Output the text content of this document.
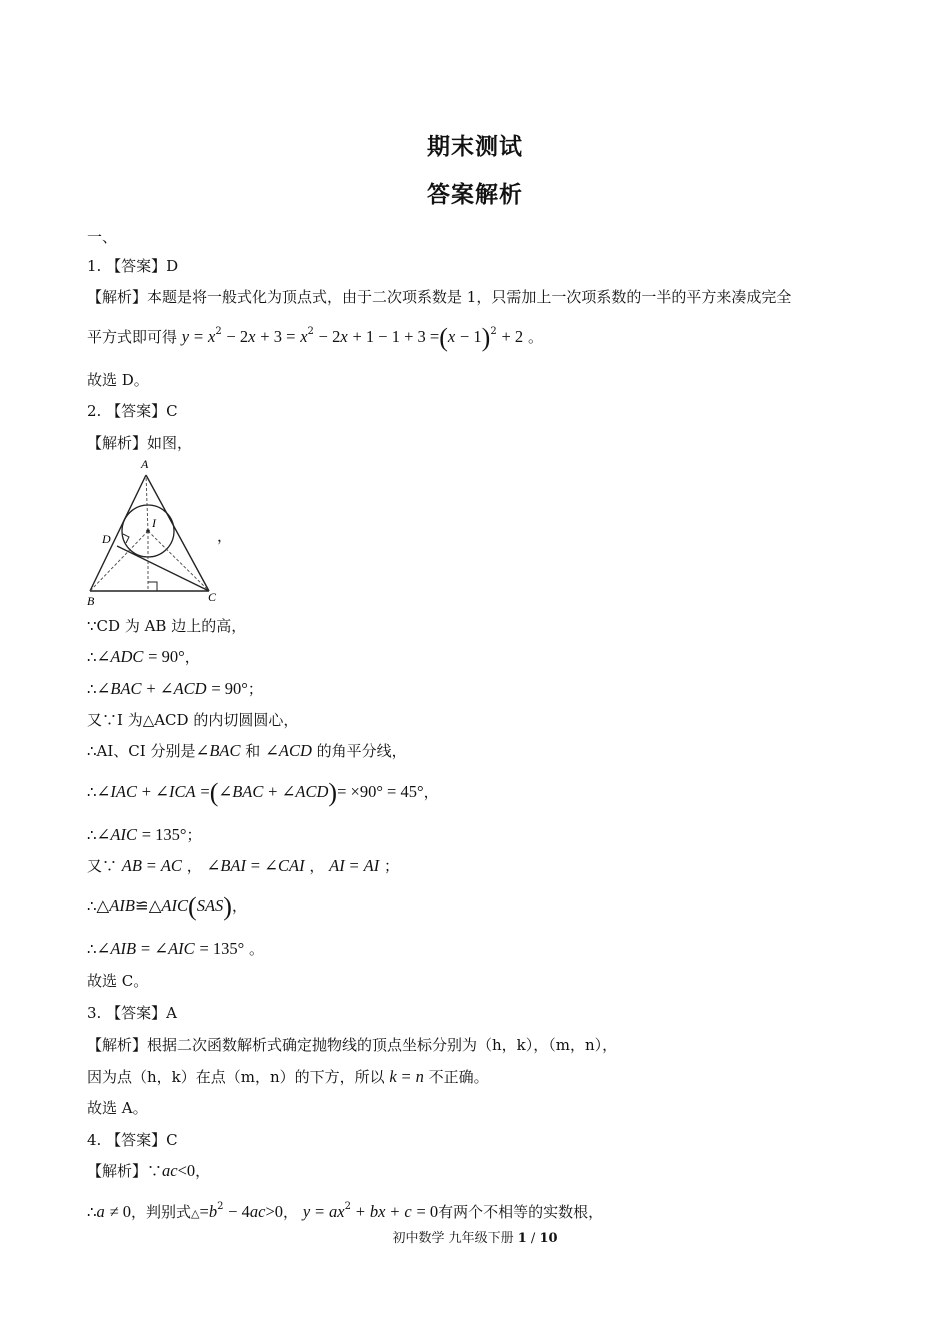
期末测试
答案解析
一、
1. 【答案】D
【解析】本题是将一般式化为顶点式，由于二次项系数是 1，只需加上一次项系数的一半的平方来凑成完全
平方式即可得 $y = x^2 - 2x + 3 = x^2 - 2x + 1 - 1 + 3 =(x - 1)^2 + 2$ 。
故选 D。
2. 【答案】C
【解析】如图，
A
B	C
D
I
，
∵CD 为 AB 边上的高，
∴∠ADC = 90°，
∴∠BAC + ∠ACD = 90°；
又∵I 为△ACD 的内切圆圆心，
∴AI、CI 分别是∠BAC 和 ∠ACD 的角平分线，
∴∠IAC + ∠ICA =(∠BAC + ∠ACD)= ×90° = 45°，
∴∠AIC = 135°；
又∵ AB = AC ， ∠BAI = ∠CAI ， AI = AI ；
∴△AIB≌△AIC(SAS)，
∴∠AIB = ∠AIC = 135° 。
故选 C。
3. 【答案】A
【解析】根据二次函数解析式确定抛物线的顶点坐标分别为（h，k），（m，n），
因为点（h，k）在点（m，n）的下方，所以 k = n 不正确。
故选 A。
4. 【答案】C
【解析】∵ac<0，
∴a ≠ 0，判别式$\triangle=b^2 - 4ac>0$， $y = ax^2$ + bx + c = 0有两个不相等的实数根，
初中数学 九年级下册 1 / 10
